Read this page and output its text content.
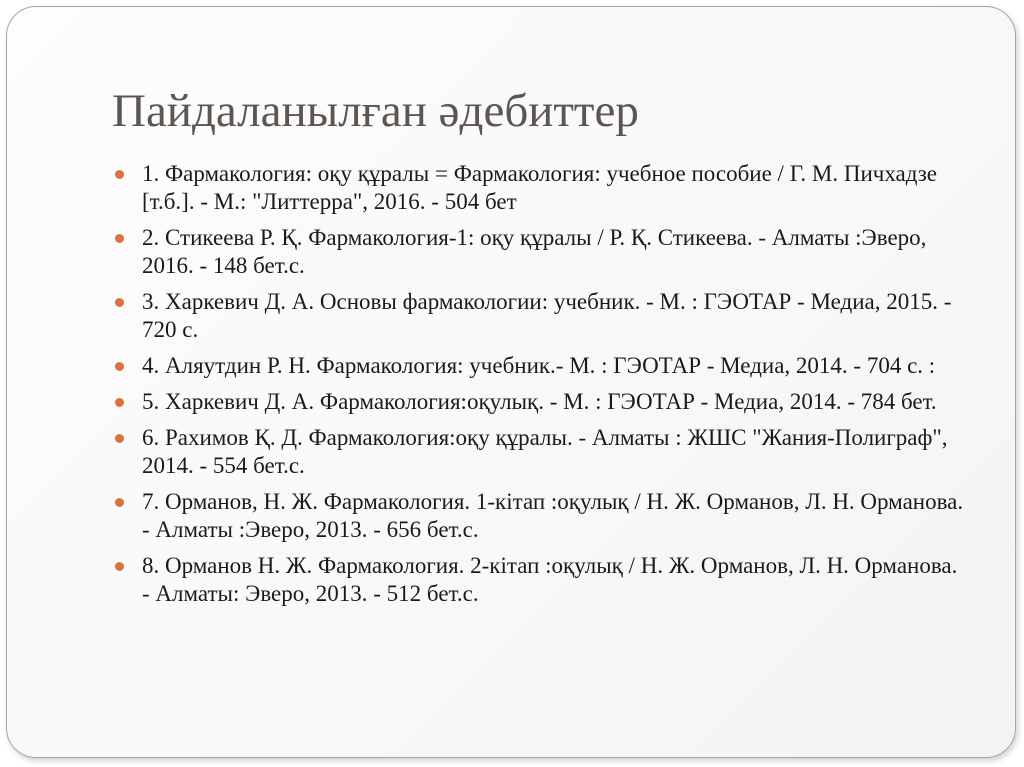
Пайдаланылған әдебиттер
1. Фармакология: оқу құралы = Фармакология: учебное пособие / Г. М. Пичхадзе [т.б.]. - М.: "Литтерра", 2016. - 504 бет
2. Стикеева Р. Қ. Фармакология-1: оқу құралы / Р. Қ. Стикеева. - Алматы :Эверо, 2016. - 148 бет.с.
3. Харкевич Д. А. Основы фармакологии: учебник. - М. : ГЭОТАР - Медиа, 2015. - 720 с.
4. Аляутдин Р. Н. Фармакология: учебник.- М. : ГЭОТАР - Медиа, 2014. - 704 с. :
5. Харкевич Д. А. Фармакология:оқулық. - М. : ГЭОТАР - Медиа, 2014. - 784 бет.
6. Рахимов Қ. Д. Фармакология:оқу құралы. - Алматы : ЖШС "Жания-Полиграф", 2014. - 554 бет.с.
7. Орманов, Н. Ж. Фармакология. 1-кітап :оқулық / Н. Ж. Орманов, Л. Н. Орманова. - Алматы :Эверо, 2013. - 656 бет.с.
8. Орманов Н. Ж. Фармакология. 2-кітап :оқулық / Н. Ж. Орманов, Л. Н. Орманова. - Алматы: Эверо, 2013. - 512 бет.с.
